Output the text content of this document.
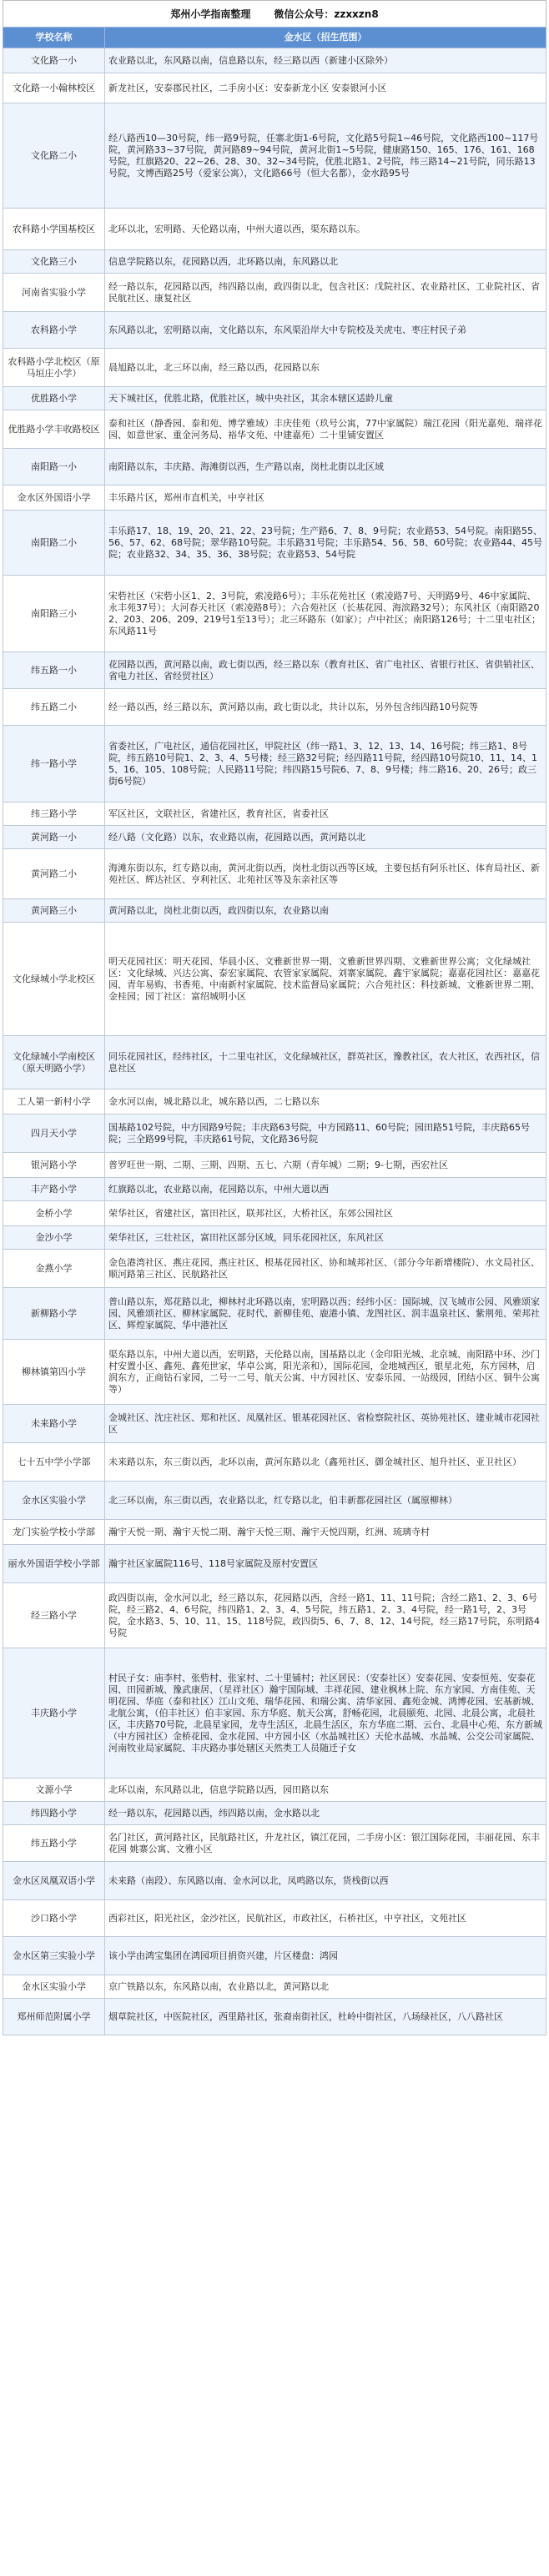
郑州小学指南整理 微信公众号：zzxxzn8
学校名称	金水区（招生范围）
文化路一小	农业路以北，东风路以南，信息路以东，经三路以西（新建小区除外）
文化路一小翰林校区	新龙社区，安泰郡民社区，二手房小区：安泰新龙小区 安泰银河小区
文化路二小	经八路西10—30号院，纬一路9号院，任寨北街1-6号院，文化路5号院1~46号院，文化路西100~117号院，黄河路33~37号院，黄河路89~94号院，黄河北街1~5号院，健康路150、165、176、161、168号院，红旗路20、22~26、28、30、32~34号院，优胜北路1、2号院，纬三路14~21号院，同乐路13号院，文博西路25号（爱家公寓），文化路66号（恒大名都），金水路95号
农科路小学国基校区	北环以北，宏明路、天伦路以南，中州大道以西，渠东路以东。
文化路三小	信息学院路以东，花园路以西，北环路以南，东风路以北
河南省实验小学	经一路以东，花园路以西，纬四路以南，政四街以北，包含社区：戊院社区、农业路社区、工业院社区、省民航社区、康复社区
农科路小学	东风路以北，宏明路以南，文化路以东，东风渠沿岸大中专院校及关虎屯、枣庄村民子弟
农科路小学北校区（原马垣庄小学）	晨旭路以北，北三环以南，经三路以西，花园路以东
优胜路小学	天下城社区，优胜北路，优胜社区，城中央社区，其余本辖区适龄儿童
优胜路小学丰收路校区	泰和社区（静香园、泰和苑、博学雅域）丰庆佳苑（玖号公寓，77中家属院）瑞江花园（阳光嘉苑、瑞祥花园、如意世家、重金河务局、裕华文苑、中建嘉苑）二十里铺安置区
南阳路一小	南阳路以东，丰庆路、海滩街以西，生产路以南，岗杜北街以北区域
金水区外国语小学	丰乐路片区，郑州市直机关，中亨社区
南阳路二小	丰乐路17、18、19、20、21、22、23号院；生产路6、7、8、9号院；农业路53、54号院。南阳路55、56、57、62、68号院；翠华路10号院。丰乐路31号院；丰乐路54、56、58、60号院；农业路44、45号院；农业路32、34、35、36、38号院；农业路53、54号院
南阳路三小	宋砦社区（宋砦小区1、2、3号院，索凌路6号）；丰乐花苑社区（索凌路7号、天明路9号、46中家属院、永丰苑37号）；大河春天社区（索凌路8号）；六合苑社区（长基花园、海滨路32号）；东风社区（南阳路202、203、206、209、219号1至13号）；北三环路东（如家）；卢中社区；南阳路126号；十二里屯社区；东风路11号
纬五路一小	花园路以西，黄河路以南，政七街以西，经三路以东（教育社区、省广电社区、省银行社区、省供销社区、省电力社区、省经贸社区）
纬五路二小	经一路以西，经三路以东，黄河路以南，政七街以北，共计以东，另外包含纬四路10号院等
纬一路小学	省委社区，广电社区，通信花园社区，甲院社区（纬一路1、3、12、13、14、16号院；纬三路1、8号院，纬五路10号院1、2、3、4、5号楼；经三路32号院；经四路11号院，经四路10号院10、11、14、15、16、105、108号院；人民路11号院；纬四路15号院6、7、8、9号楼；纬二路16、20、26号；政三街6号院）
纬三路小学	军区社区，文联社区，省建社区，教育社区，省委社区
黄河路一小	经八路（文化路）以东，农业路以南，花园路以西，黄河路以北
黄河路二小	海滩东街以东，红专路以南，黄河北街以西，岗杜北街以西等区域，主要包括有阿乐社区、体育局社区、新苑社区、辉达社区、亨利社区、北苑社区等及东亲社区等
黄河路三小	黄河路以北，岗杜北街以西，政四街以东，农业路以南
文化绿城小学北校区	明天花园社区：明天花园、华晨小区、文雅新世界一期、文雅新世界四期、文雅新世界公寓；文化绿城社区：文化绿城、兴达公寓、泰宏家属院、农管家家属院、刘寨家属院、鑫宇家属院；嘉嘉花园社区：嘉嘉花园、青年易购、书香苑、中南新村家属院、技术监督局家属院；六合苑社区：科技新城、文雅新世界二期、金桂园；园丁社区：富绍城明小区
文化绿城小学南校区（原天明路小学）	同乐花园社区，经纬社区，十二里屯社区，文化绿城社区，群英社区，豫教社区，农大社区，农西社区，信息社区
工人第一新村小学	金水河以南，城北路以北，城东路以西，二七路以东
四月天小学	国基路102号院，中方园路9号院；丰庆路63号院，中方园路11、60号院；园田路51号院，丰庆路65号院；三全路99号院，丰庆路61号院，文化路36号院
银河路小学	普罗旺世一期、二期、三期、四期、五七、六期（青年城）二期；9-七期，西宏社区
丰产路小学	红旗路以北，农业路以南，花园路以东，中州大道以西
金桥小学	荣华社区，省建社区，富田社区，联邦社区，大桥社区，东郊公园社区
金沙小学	荣华社区，三壮社区，富田社区部分区域，同乐花园社区，东风社区
金燕小学	金色港湾社区、燕庄花园、燕庄社区、根基花园社区、协和城邦社区、（部分今年新增楼院）、水文局社区、顺河路第三社区、民航路社区
新柳路小学	普山路以东，郑花路以北，柳林村北环路以南，宏明路以西；经纬小区：国际城、汉飞城市公园、风雅颂家园、风雅颂社区、柳林家属院、花时代、新柳佳苑、鹿港小镇、龙图社区、润丰温泉社区、紫荆苑、荣邦社区、辉煌家属院、华中港社区
柳林镇第四小学	渠东路以东，中州大道以西，宏明路，天伦路以南，国基路以北（金印阳光城、北京城、南阳路中环、沙门村安置小区、鑫苑、鑫苑世家，华卓公寓，阳光亲和），国际花园，金地城西区，银星北苑，东方园林，启润东方，正商钻石家园，二号一二号、航天公寓、中方园社区、安泰乐园、一站级园，团结小区、铜牛公寓等）
未来路小学	金城社区、沈庄社区、郑和社区、凤凰社区、银基花园社区、省检察院社区、英协苑社区、建业城市花园社区
七十五中学小学部	未来路以东，东三街以西，北环以南，黄河东路以北（鑫苑社区、御金城社区、旭升社区、亚卫社区）
金水区实验小学	北三环以南，东三街以西，农业路以北，红专路以北，伯丰新都花园社区（属原柳林）
龙门实验学校小学部	瀚宇天悦一期、瀚宇天悦二期、瀚宇天悦三期、瀚宇天悦四期，红洲、琉璃寺村
丽水外国语学校小学部	瀚宇社区家属院116号、118号家属院及原村安置区
经三路小学	政四街以南，金水河以北，经三路以东，花园路以西，含经一路1、11、11号院；含经二路1、2、3、6号院，经三路2、4、6号院，纬四路1、2、3、4、5号院，纬五路1、2、3、4号院，经一路1号，2、3号院，金水路3、5、10、11、15、118号院，政四街5、6、7、8、12、14号院，经三路17号院，东明路4号院
丰庆路小学	村民子女：庙李村、张砦村、张家村、二十里铺村；社区居民：（安泰社区）安泰花园、安泰恒苑、安泰花园、田园新城、豫武康居、（星祥社区）瀚宇国际城、丰祥花园、建业枫林上院、东方家园、方南佳苑、天明花园、华庭（泰和社区）江山文苑、瑞华花园、和瑞公寓、清华家园、鑫苑金城、鸿博花园、宏基新城、北航公寓，（伯丰社区）伯丰家园、东方华庭、航天公寓，舒畅花园，北晨颐苑、北园、北晨公寓，北晨社区，丰庆路70号院，北晨星家园，龙寺生活区，北晨生活区，东方华庭二期、云台、北晨中心苑、东方新城（中方园社区）金桥花园、金水花园、中方园小区（水晶城社区）天伦水晶城、水晶城、公交公司家属院、河南牧业局家属院、丰庆路办事处辖区天然类工人员随迁子女
文源小学	北环以南，东风路以北，信息学院路以西，园田路以东
纬四路小学	经一路以东，花园路以西，纬四路以南，金水路以北
纬五路小学	名门社区，黄河路社区，民航路社区，升龙社区，镇江花园，二手房小区：银江国际花园，丰丽花园、东丰花园 姚寨公寓、文雅小区
金水区凤凰双语小学	未来路（南段）、东风路以南、金水河以北，凤鸣路以东，货栈街以西
沙口路小学	西彩社区，阳光社区，金沙社区，民航社区，市政社区，石桥社区，中亨社区，文苑社区
金水区第三实验小学	该小学由鸿宝集团在鸿园项目捐资兴建，片区楼盘：鸿园
金水区实验小学	京广铁路以东，东风路以南，农业路以北，黄河路以北
郑州师范附属小学	烟草院社区，中医院社区，西里路社区，张裔南街社区，杜岭中街社区，八场绿社区，八八路社区
